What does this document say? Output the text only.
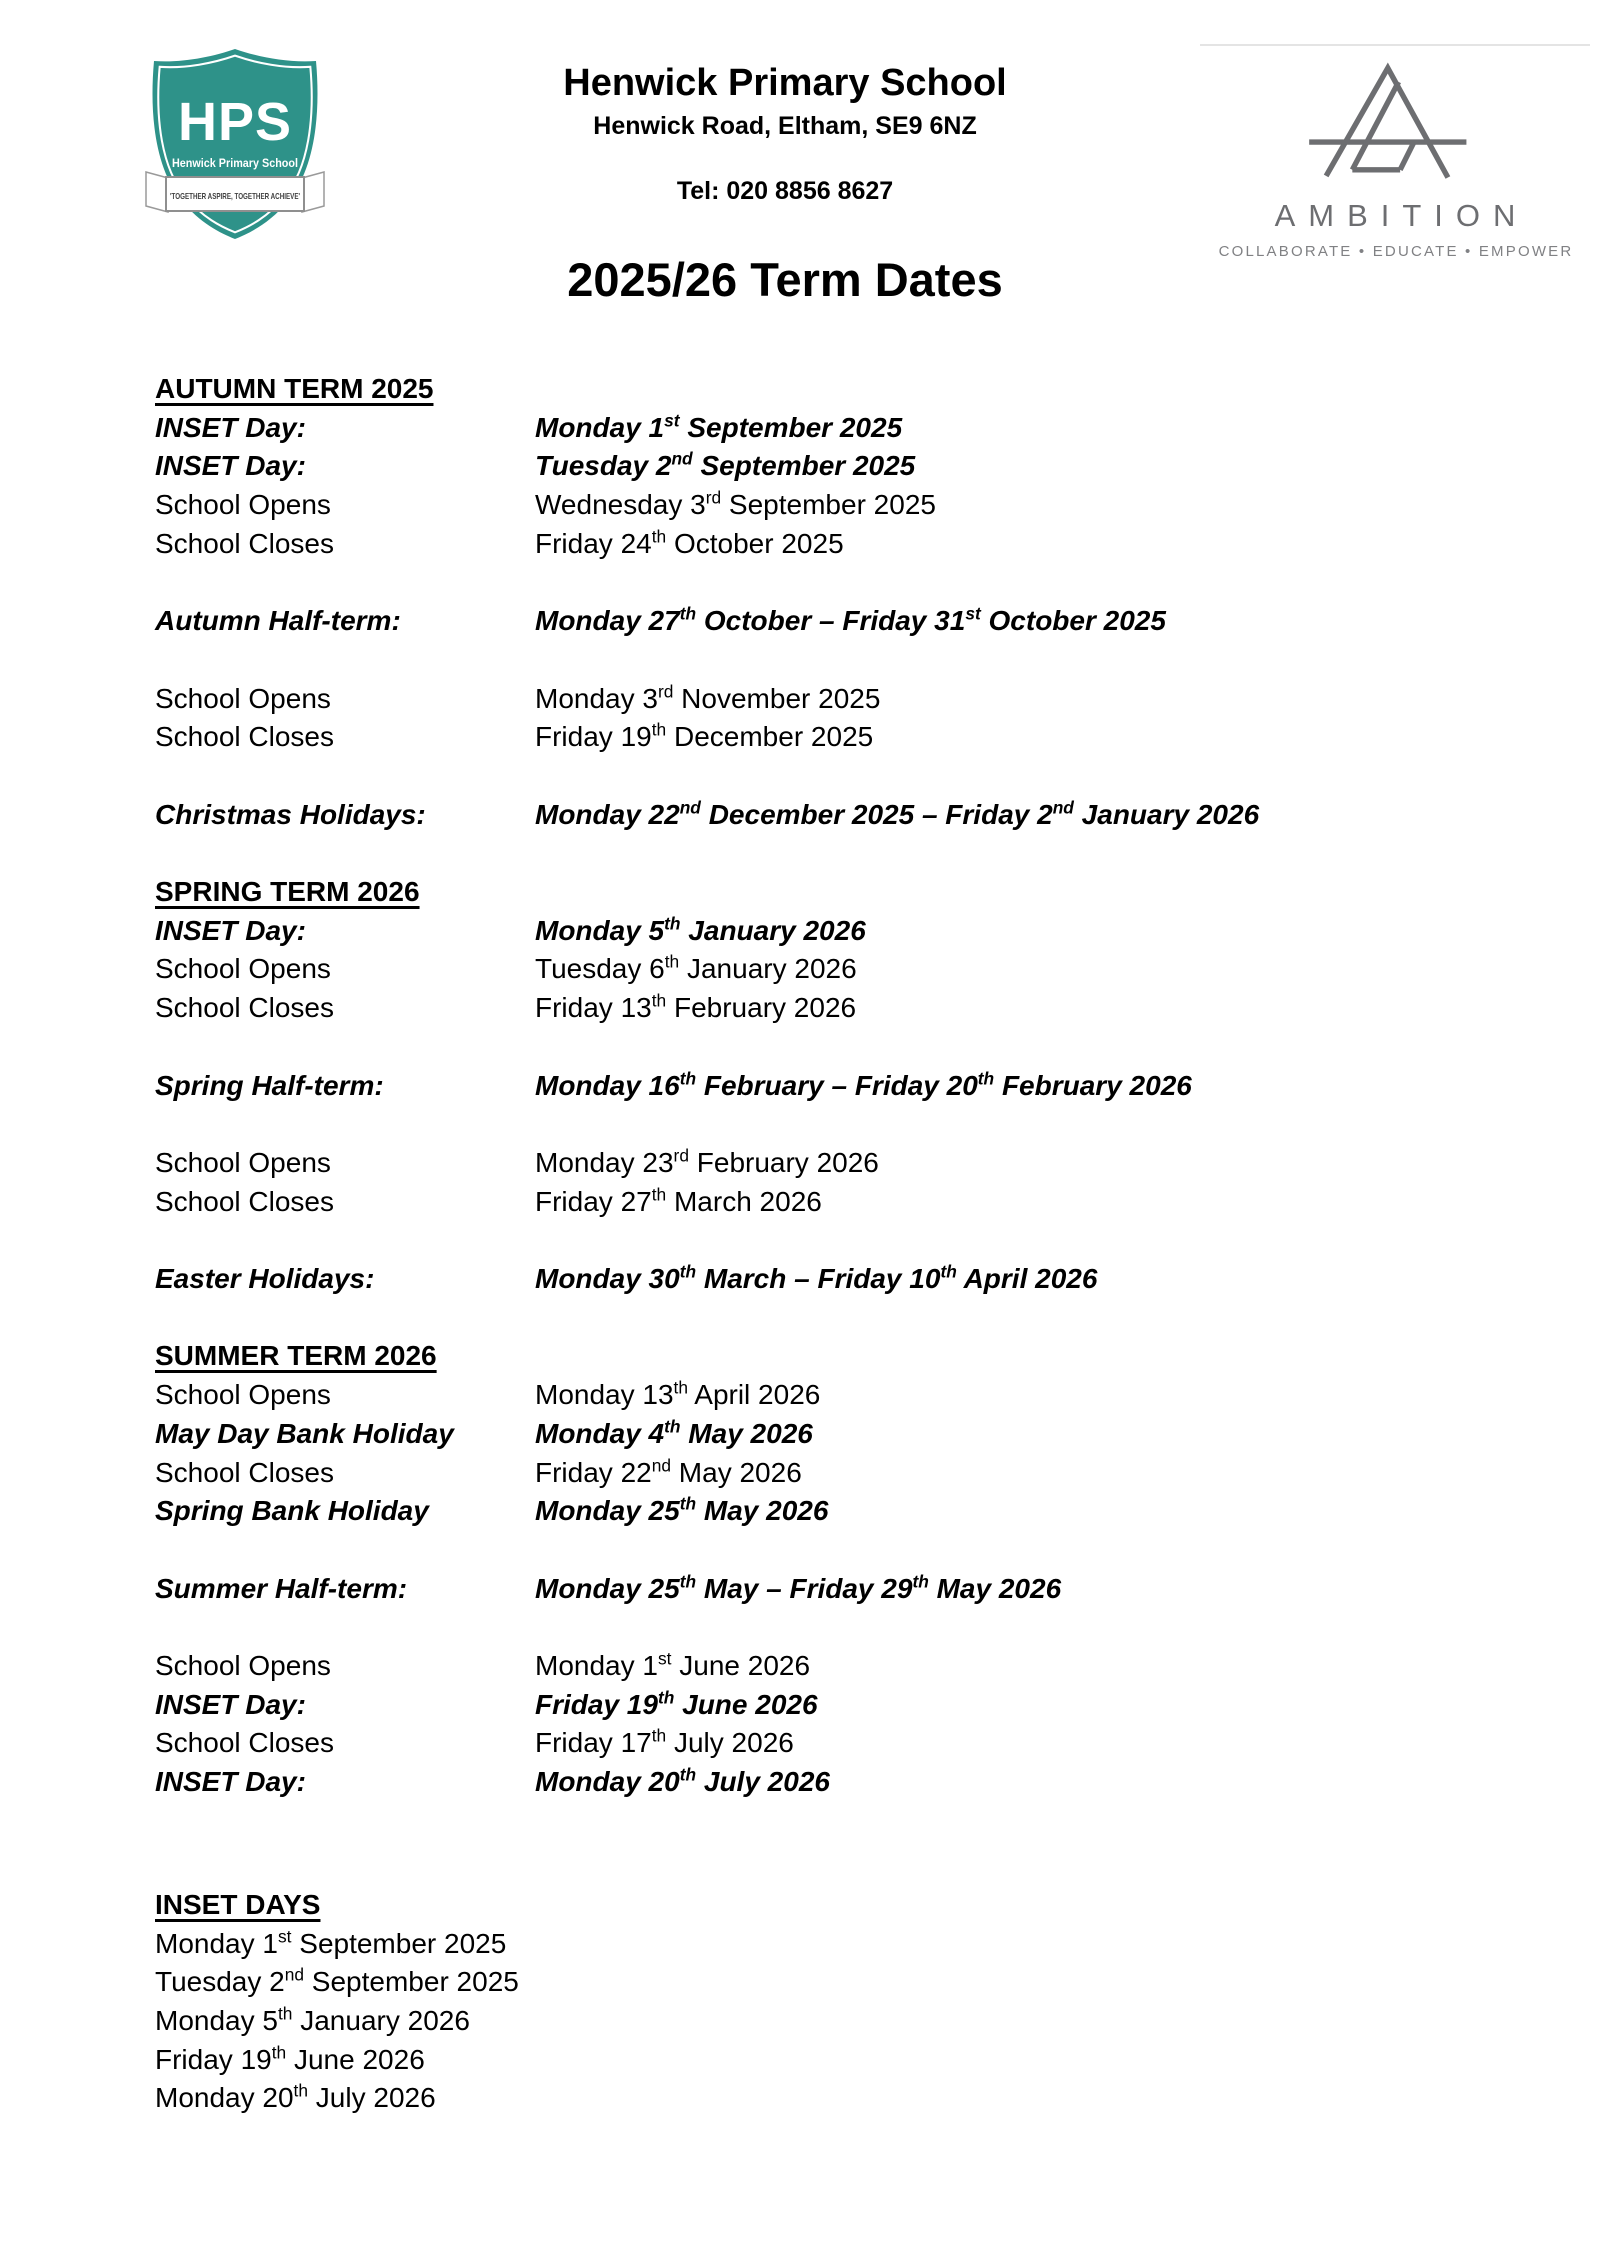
HPS
Henwick Primary School
'TOGETHER ASPIRE, TOGETHER ACHIEVE'
Henwick Primary School
Henwick Road, Eltham, SE9 6NZ
Tel: 020 8856 8627
AMBITION
COLLABORATE • EDUCATE • EMPOWER
2025/26 Term Dates
AUTUMN TERM 2025
INSET Day:	Monday 1st September 2025
INSET Day:	Tuesday 2nd September 2025
School Opens	Wednesday 3rd September 2025
School Closes	Friday 24th October 2025
Autumn Half-term:	Monday 27th October – Friday 31st October 2025
School Opens	Monday 3rd November 2025
School Closes	Friday 19th December 2025
Christmas Holidays:	Monday 22nd December 2025 – Friday 2nd January 2026
SPRING TERM 2026
INSET Day:	Monday 5th January 2026
School Opens	Tuesday 6th January 2026
School Closes	Friday 13th February 2026
Spring Half-term:	Monday 16th February – Friday 20th February 2026
School Opens	Monday 23rd February 2026
School Closes	Friday 27th March 2026
Easter Holidays:	Monday 30th March – Friday 10th April 2026
SUMMER TERM 2026
School Opens	Monday 13th April 2026
May Day Bank Holiday	Monday 4th May 2026
School Closes	Friday 22nd May 2026
Spring Bank Holiday	Monday 25th May 2026
Summer Half-term:	Monday 25th May – Friday 29th May 2026
School Opens	Monday 1st June 2026
INSET Day:	Friday 19th June 2026
School Closes	Friday 17th July 2026
INSET Day:	Monday 20th July 2026
INSET DAYS
Monday 1st September 2025
Tuesday 2nd September 2025
Monday 5th January 2026
Friday 19th June 2026
Monday 20th July 2026
